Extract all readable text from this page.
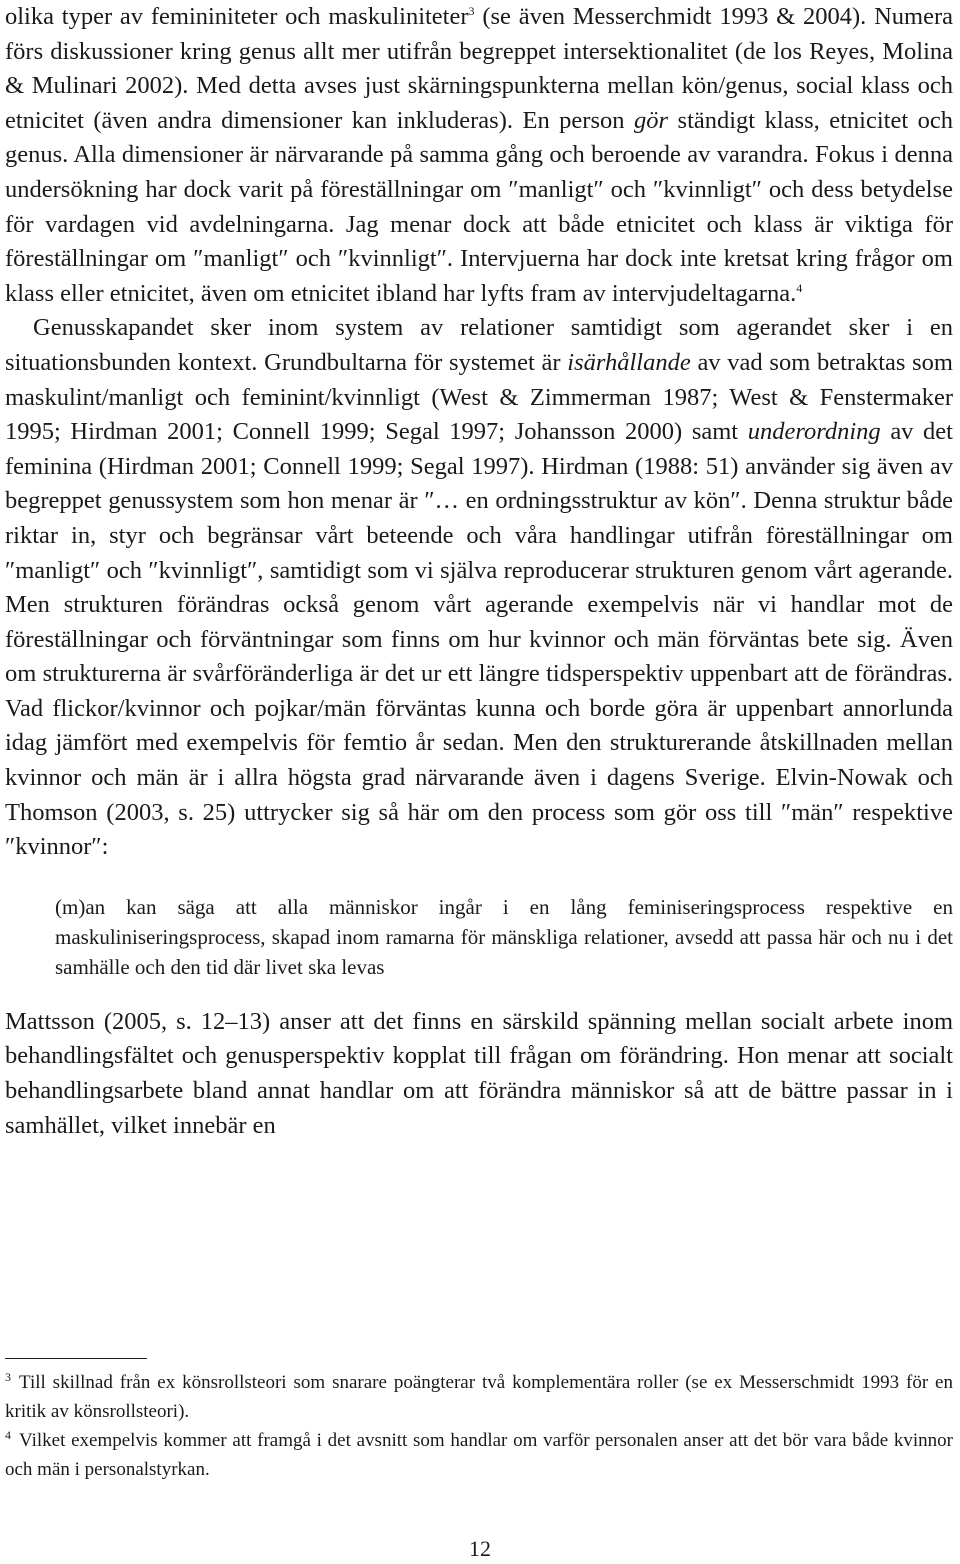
olika typer av femininiteter och maskuliniteter$^3$ (se även Messerchmidt 1993 & 2004). Numera förs diskussioner kring genus allt mer utifrån begreppet intersektionalitet (de los Reyes, Molina & Mulinari 2002). Med detta avses just skärningspunkterna mellan kön/genus, social klass och etnicitet (även andra dimensioner kan inkluderas). En person gör ständigt klass, etnicitet och genus. Alla dimensioner är närvarande på samma gång och beroende av varandra. Fokus i denna undersökning har dock varit på föreställningar om ″manligt″ och ″kvinnligt″ och dess betydelse för vardagen vid avdelningarna. Jag menar dock att både etnicitet och klass är viktiga för föreställningar om ″manligt″ och ″kvinnligt″. Intervjuerna har dock inte kretsat kring frågor om klass eller etnicitet, även om etnicitet ibland har lyfts fram av intervjudeltagarna.$^4$

Genusskapandet sker inom system av relationer samtidigt som agerandet sker i en situationsbunden kontext. Grundbultarna för systemet är isärhållande av vad som betraktas som maskulint/manligt och feminint/kvinnligt (West & Zimmerman 1987; West & Fenstermaker 1995; Hirdman 2001; Connell 1999; Segal 1997; Johansson 2000) samt underordning av det feminina (Hirdman 2001; Connell 1999; Segal 1997). Hirdman (1988: 51) använder sig även av begreppet genussystem som hon menar är ″… en ordningsstruktur av kön″. Denna struktur både riktar in, styr och begränsar vårt beteende och våra handlingar utifrån föreställningar om ″manligt″ och ″kvinnligt″, samtidigt som vi själva reproducerar strukturen genom vårt agerande. Men strukturen förändras också genom vårt agerande exempelvis när vi handlar mot de föreställningar och förväntningar som finns om hur kvinnor och män förväntas bete sig. Även om strukturerna är svårföränderliga är det ur ett längre tidsperspektiv uppenbart att de förändras. Vad flickor/kvinnor och pojkar/män förväntas kunna och borde göra är uppenbart annorlunda idag jämfört med exempelvis för femtio år sedan. Men den strukturerande åtskillnaden mellan kvinnor och män är i allra högsta grad närvarande även i dagens Sverige. Elvin-Nowak och Thomson (2003, s. 25) uttrycker sig så här om den process som gör oss till ″män″ respektive ″kvinnor″:

(m)an kan säga att alla människor ingår i en lång feminiseringsprocess respektive en maskuliniseringsprocess, skapad inom ramarna för mänskliga relationer, avsedd att passa här och nu i det samhälle och den tid där livet ska levas
Mattsson (2005, s. 12–13) anser att det finns en särskild spänning mellan socialt arbete inom behandlingsfältet och genusperspektiv kopplat till frågan om förändring. Hon menar att socialt behandlingsarbete bland annat handlar om att förändra människor så att de bättre passar in i samhället, vilket innebär en

$^3$ Till skillnad från ex könsrollsteori som snarare poängterar två komplementära roller (se ex Messerschmidt 1993 för en kritik av könsrollsteori).

$^4$ Vilket exempelvis kommer att framgå i det avsnitt som handlar om varför personalen anser att det bör vara både kvinnor och män i personalstyrkan.

12
